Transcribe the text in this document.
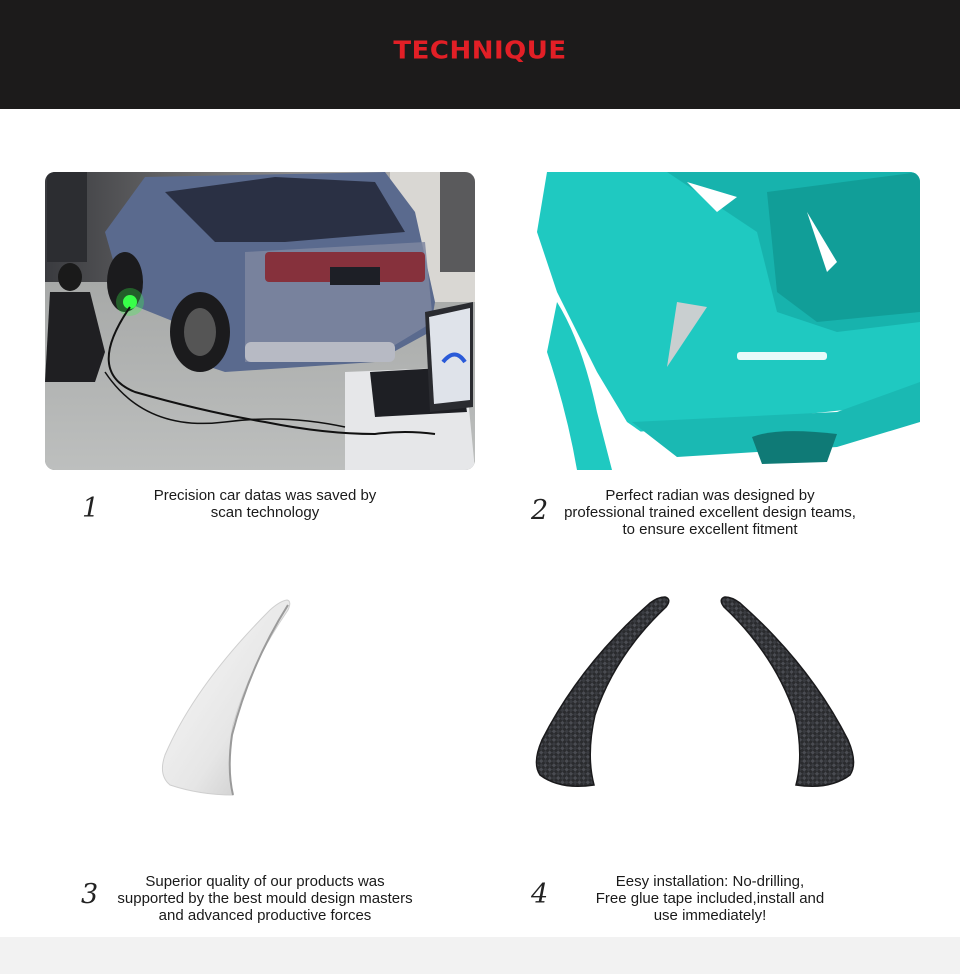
TECHNIQUE
1	Precision car datas was saved by
scan technology	2	Perfect radian was designed by
professional trained excellent design teams,
to ensure excellent fitment
3	Superior quality of our products was
supported by the best mould design masters
and advanced productive forces
4	Eesy installation: No-drilling,
Free glue tape included,install and
use immediately!
